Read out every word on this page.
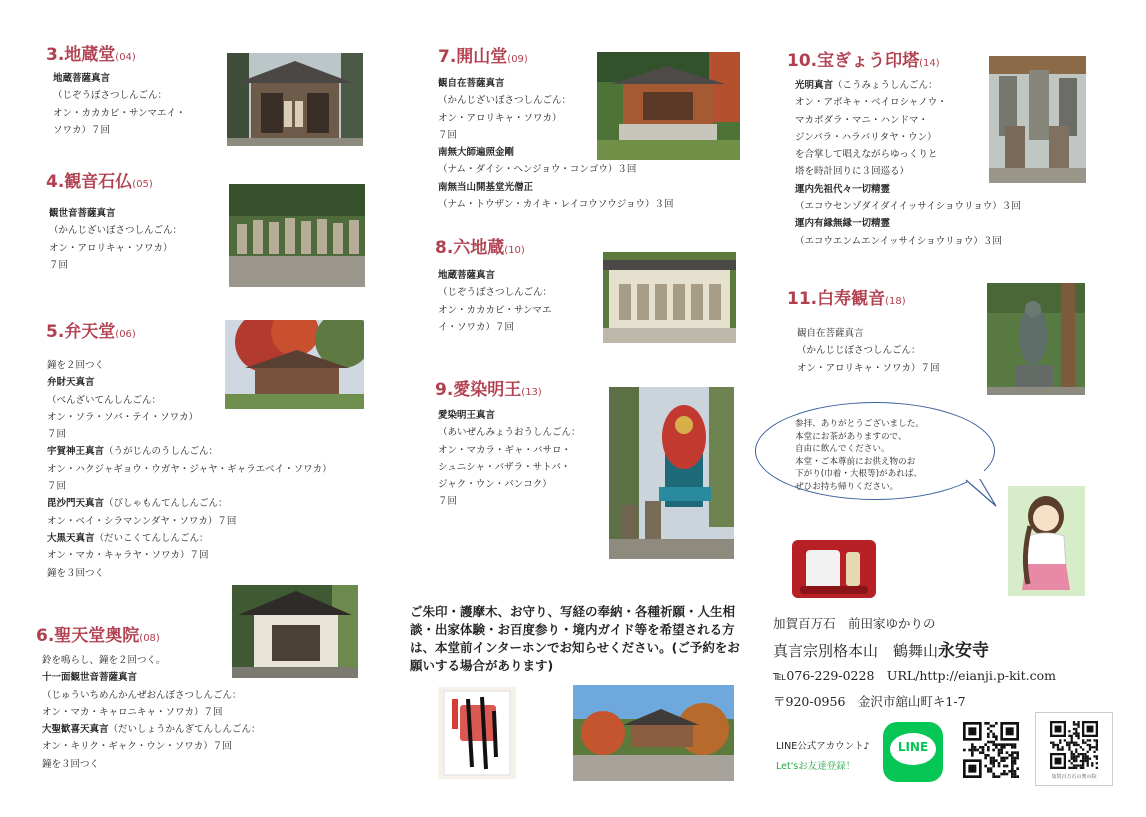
3.地蔵堂(04)
4.観音石仏(05)
5.弁天堂(06)
6.聖天堂奥院(08)
7.開山堂(09)
8.六地蔵(10)
9.愛染明王(13)
10.宝ぎょう印塔(14)
11.白寿観音(18)

地蔵菩薩真言

（じぞうぼさつしんごん：

オン・カカカビ・サンマエイ・

ソワカ）７回

観世音菩薩真言

（かんじざいぼさつしんごん：

オン・アロリキャ・ソワカ）

７回

鐘を２回つく

弁財天真言

（べんざいてんしんごん：

オン・ソラ・ソバ・テイ・ソワカ）

７回

宇賀神王真言（うがじんのうしんごん：

オン・ハクジャギョウ・ウガヤ・ジャヤ・ギャラエベイ・ソワカ）

７回

毘沙門天真言（びしゃもんてんしんごん：

オン・ベイ・シラマンンダヤ・ソワカ）７回

大黒天真言（だいこくてんしんごん：

オン・マカ・キャラヤ・ソワカ）７回

鐘を３回つく

鈴を鳴らし、鐘を２回つく。

十一面観世音菩薩真言

（じゅういちめんかんぜおんぼさつしんごん：

オン・マカ・キャロニキャ・ソワカ）７回

大聖歓喜天真言（だいしょうかんぎてんしんごん：

オン・キリク・ギャク・ウン・ソワカ）７回

鐘を３回つく

観自在菩薩真言

（かんじざいぼさつしんごん：

オン・アロリキャ・ソワカ）

７回

南無大師遍照金剛

（ナム・ダイシ・ヘンジョウ・コンゴウ）３回

南無当山開基堂光僧正

（ナム・トウザン・カイキ・レイコウソウジョウ）３回

地蔵菩薩真言

（じぞうぼさつしんごん：

オン・カカカビ・サンマエ

イ・ソワカ）７回

愛染明王真言

（あいぜんみょうおうしんごん：

オン・マカラ・ギャ・バサロ・

シュニシャ・バザラ・サトバ・

ジャク・ウン・バンコク）

７回

光明真言（こうみょうしんごん：

オン・アボキャ・ベイロシャノウ・

マカボダラ・マニ・ハンドマ・

ジンバラ・ハラバリタヤ・ウン）

を合掌して唱えながらゆっくりと

塔を時計回りに３回巡る）

運内先祖代々一切精霊

（エコウセンゾダイダイイッサイショウリョウ）３回

運内有縁無縁一切精霊

（エコウエンムエンイッサイショウリョウ）３回

観自在菩薩真言

（かんじじぼさつしんごん：

オン・アロリキャ・ソワカ）７回

参拝、ありがとうございました。
本堂にお茶がありますので、
自由に飲んでください。
本堂・ご本尊前にお供え物のお
下がり(巾着・大根等)があれば、
ぜひお持ち帰りください。
ご朱印・護摩木、お守り、写経の奉納・各種祈願・人生相談・出家体験・お百度参り・境内ガイド等を希望される方は、本堂前インターホンでお知らせください。(ご予約をお願いする場合があります)
加賀百万石　前田家ゆかりの
真言宗別格本山　鶴舞山永安寺
℡076-229-0228　URL/http://eianji.p-kit.com
〒920-0956　金沢市舘山町キ1-7
LINE公式アカウント♪
Let'sお友達登録！
LINE
加賀百万石の奥の院
